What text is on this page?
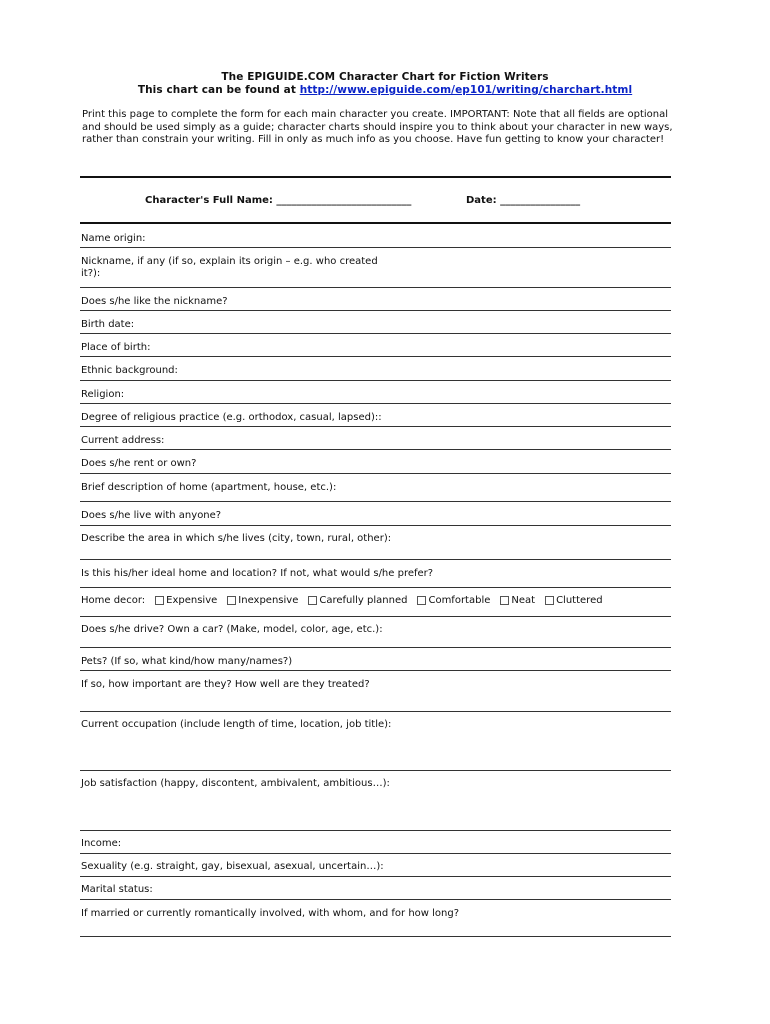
The EPIGUIDE.COM Character Chart for Fiction Writers
This chart can be found at http://www.epiguide.com/ep101/writing/charchart.html

Print this page to complete the form for each main character you create. IMPORTANT: Note that all fields are optional and should be used simply as a guide; character charts should inspire you to think about your character in new ways, rather than constrain your writing. Fill in only as much info as you choose. Have fun getting to know your character!

Character's Full Name: ___________________________	Date: ________________
Name origin:
Nickname, if any (if so, explain its origin – e.g. who created it?):
Does s/he like the nickname?
Birth date:
Place of birth:
Ethnic background:
Religion:
Degree of religious practice (e.g. orthodox, casual, lapsed)::
Current address:
Does s/he rent or own?
Brief description of home (apartment, house, etc.):
Does s/he live with anyone?
Describe the area in which s/he lives (city, town, rural, other):
Is this his/her ideal home and location? If not, what would s/he prefer?
Home decor: Expensive Inexpensive Carefully planned Comfortable Neat Cluttered
Does s/he drive? Own a car? (Make, model, color, age, etc.):
Pets? (If so, what kind/how many/names?)
If so, how important are they? How well are they treated?
Current occupation (include length of time, location, job title):
Job satisfaction (happy, discontent, ambivalent, ambitious…):
Income:
Sexuality (e.g. straight, gay, bisexual, asexual, uncertain…):
Marital status:
If married or currently romantically involved, with whom, and for how long?
